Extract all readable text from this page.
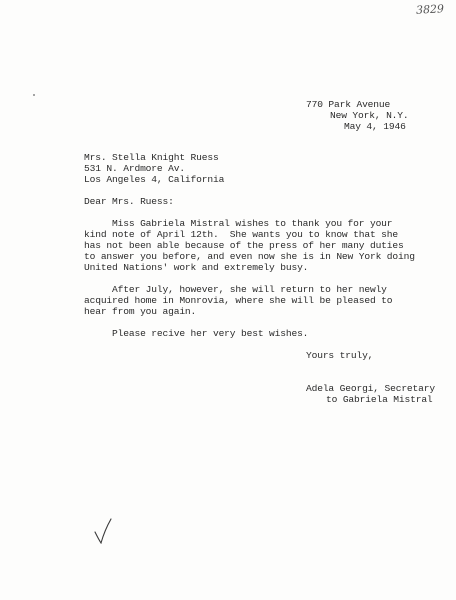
3829
770 Park Avenue
New York, N.Y.
May 4, 1946
Mrs. Stella Knight Ruess
531 N. Ardmore Av.
Los Angeles 4, California
Dear Mrs. Ruess:
Miss Gabriela Mistral wishes to thank you for your
kind note of April 12th.  She wants you to know that she
has not been able because of the press of her many duties
to answer you before, and even now she is in New York doing
United Nations' work and extremely busy.
After July, however, she will return to her newly
acquired home in Monrovia, where she will be pleased to
hear from you again.
Please recive her very best wishes.
Yours truly,
Adela Georgi, Secretary
to Gabriela Mistral
